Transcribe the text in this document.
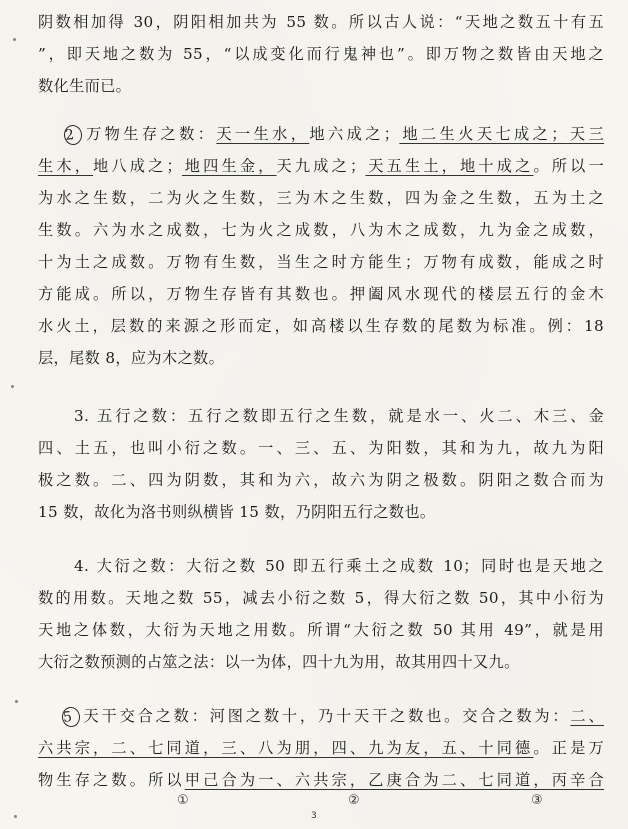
阴数相加得 30，阴阳相加共为 55 数。所以古人说：“天地之数五十有五
”，即天地之数为 55，“以成变化而行鬼神也”。即万物之数皆由天地之
数化生而已。
2 万物生存之数：天一生水，地六成之；地二生火天七成之；天三
生木，地八成之；地四生金，天九成之；天五生土，地十成之。所以一
为水之生数，二为火之生数，三为木之生数，四为金之生数，五为土之
生数。六为水之成数，七为火之成数，八为木之成数，九为金之成数，
十为土之成数。万物有生数，当生之时方能生；万物有成数，能成之时
方能成。所以，万物生存皆有其数也。押阖风水现代的楼层五行的金木
水火土，层数的来源之形而定，如高楼以生存数的尾数为标准。例：18
层，尾数 8，应为木之数。
3. 五行之数：五行之数即五行之生数，就是水一、火二、木三、金
四、土五，也叫小衍之数。一、三、五、为阳数，其和为九，故九为阳
极之数。二、四为阴数，其和为六，故六为阴之极数。阴阳之数合而为
15 数，故化为洛书则纵横皆 15 数，乃阴阳五行之数也。
4. 大衍之数：大衍之数 50 即五行乘土之成数 10；同时也是天地之
数的用数。天地之数 55，减去小衍之数 5，得大衍之数 50，其中小衍为
天地之体数，大衍为天地之用数。所谓“大衍之数 50 其用 49”，就是用
大衍之数预测的占筮之法：以一为体，四十九为用，故其用四十又九。
5 天干交合之数：河图之数十，乃十天干之数也。交合之数为：二、
六共宗，二、七同道，三、八为朋，四、九为友，五、十同德。正是万
物生存之数。所以甲己合为一、六共宗，乙庚合为二、七同道，丙辛合
①	②	③
3
